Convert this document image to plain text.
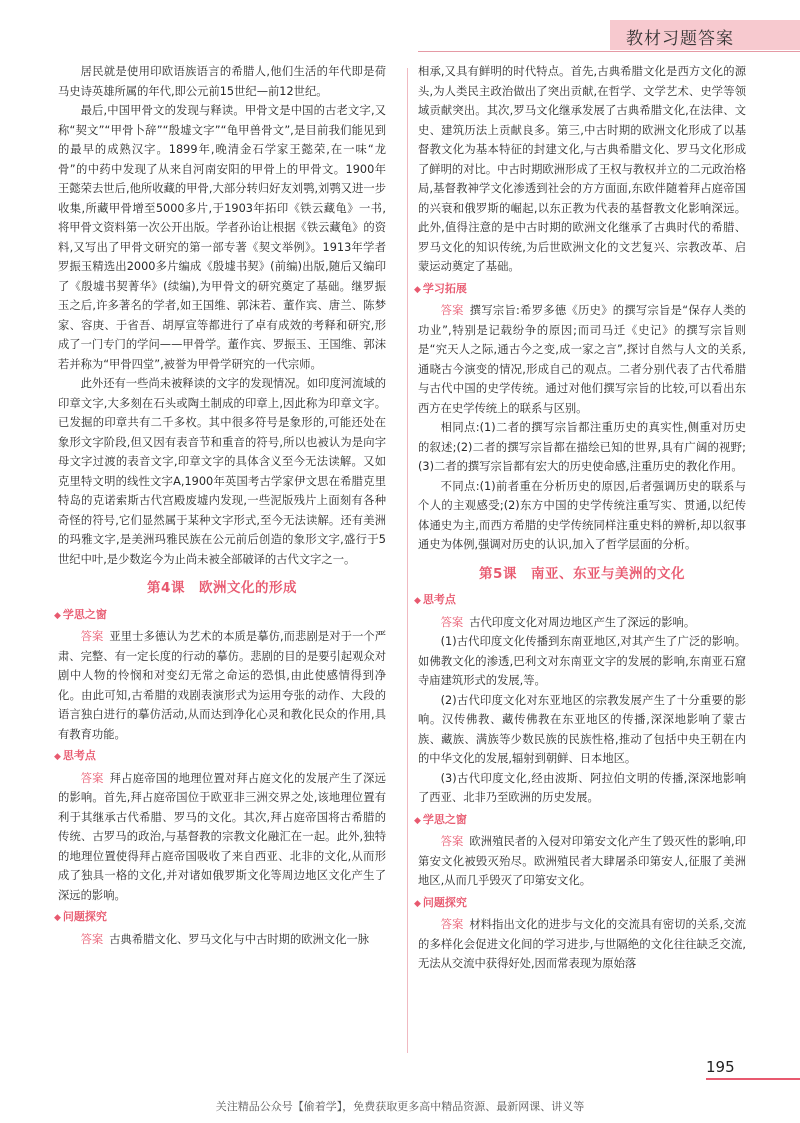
教材习题答案

居民就是使用印欧语族语言的希腊人,他们生活的年代即是荷马史诗英雄所属的年代,即公元前15世纪—前12世纪。

最后,中国甲骨文的发现与释读。甲骨文是中国的古老文字,又称“契文”“甲骨卜辞”“殷墟文字”“龟甲兽骨文”,是目前我们能见到的最早的成熟汉字。1899年,晚清金石学家王懿荣,在一味“龙骨”的中药中发现了从来自河南安阳的甲骨上的甲骨文。1900年王懿荣去世后,他所收藏的甲骨,大部分转归好友刘鹗,刘鹗又进一步收集,所藏甲骨增至5000多片,于1903年拓印《铁云藏龟》一书,将甲骨文资料第一次公开出版。学者孙诒让根据《铁云藏龟》的资料,又写出了甲骨文研究的第一部专著《契文举例》。1913年学者罗振玉精选出2000多片编成《殷墟书契》(前编)出版,随后又编印了《殷墟书契菁华》(续编),为甲骨文的研究奠定了基础。继罗振玉之后,许多著名的学者,如王国维、郭沫若、董作宾、唐兰、陈梦家、容庚、于省吾、胡厚宣等都进行了卓有成效的考释和研究,形成了一门专门的学问——甲骨学。董作宾、罗振玉、王国维、郭沫若并称为“甲骨四堂”,被誉为甲骨学研究的一代宗师。

此外还有一些尚未被释读的文字的发现情况。如印度河流域的印章文字,大多刻在石头或陶土制成的印章上,因此称为印章文字。已发掘的印章共有二千多枚。其中很多符号是象形的,可能还处在象形文字阶段,但又因有表音节和重音的符号,所以也被认为是向字母文字过渡的表音文字,印章文字的具体含义至今无法读解。又如克里特文明的线性文字A,1900年英国考古学家伊文思在希腊克里特岛的克诺索斯古代宫殿废墟内发现,一些泥版残片上面刻有各种奇怪的符号,它们显然属于某种文字形式,至今无法读解。还有美洲的玛雅文字,是美洲玛雅民族在公元前后创造的象形文字,盛行于5世纪中叶,是少数迄今为止尚未被全部破译的古代文字之一。

第4课　欧洲文化的形成
◆ 学思之窗

答案 亚里士多德认为艺术的本质是摹仿,而悲剧是对于一个严肃、完整、有一定长度的行动的摹仿。悲剧的目的是要引起观众对剧中人物的怜悯和对变幻无常之命运的恐惧,由此使感情得到净化。由此可知,古希腊的戏剧表演形式为运用夸张的动作、大段的语言独白进行的摹仿活动,从而达到净化心灵和教化民众的作用,具有教育功能。

◆ 思考点

答案 拜占庭帝国的地理位置对拜占庭文化的发展产生了深远的影响。首先,拜占庭帝国位于欧亚非三洲交界之处,该地理位置有利于其继承古代希腊、罗马的文化。其次,拜占庭帝国将古希腊的传统、古罗马的政治,与基督教的宗教文化融汇在一起。此外,独特的地理位置使得拜占庭帝国吸收了来自西亚、北非的文化,从而形成了独具一格的文化,并对诸如俄罗斯文化等周边地区文化产生了深远的影响。

◆ 问题探究

答案 古典希腊文化、罗马文化与中古时期的欧洲文化一脉

相承,又具有鲜明的时代特点。首先,古典希腊文化是西方文化的源头,为人类民主政治做出了突出贡献,在哲学、文学艺术、史学等领域贡献突出。其次,罗马文化继承发展了古典希腊文化,在法律、文史、建筑历法上贡献良多。第三,中古时期的欧洲文化形成了以基督教文化为基本特征的封建文化,与古典希腊文化、罗马文化形成了鲜明的对比。中古时期欧洲形成了王权与教权并立的二元政治格局,基督教神学文化渗透到社会的方方面面,东欧伴随着拜占庭帝国的兴衰和俄罗斯的崛起,以东正教为代表的基督教文化影响深远。此外,值得注意的是中古时期的欧洲文化继承了古典时代的希腊、罗马文化的知识传统,为后世欧洲文化的文艺复兴、宗教改革、启蒙运动奠定了基础。

◆ 学习拓展

答案 撰写宗旨:希罗多德《历史》的撰写宗旨是“保存人类的功业”,特别是记载纷争的原因;而司马迁《史记》的撰写宗旨则是“究天人之际,通古今之变,成一家之言”,探讨自然与人文的关系,通晓古今演变的情况,形成自己的观点。二者分别代表了古代希腊与古代中国的史学传统。通过对他们撰写宗旨的比较,可以看出东西方在史学传统上的联系与区别。

相同点:(1)二者的撰写宗旨都注重历史的真实性,侧重对历史的叙述;(2)二者的撰写宗旨都在描绘已知的世界,具有广阔的视野;(3)二者的撰写宗旨都有宏大的历史使命感,注重历史的教化作用。

不同点:(1)前者重在分析历史的原因,后者强调历史的联系与个人的主观感受;(2)东方中国的史学传统注重写实、贯通,以纪传体通史为主,而西方希腊的史学传统同样注重史料的辨析,却以叙事通史为体例,强调对历史的认识,加入了哲学层面的分析。

第5课　南亚、东亚与美洲的文化
◆ 思考点

答案 古代印度文化对周边地区产生了深远的影响。

(1)古代印度文化传播到东南亚地区,对其产生了广泛的影响。如佛教文化的渗透,巴利文对东南亚文字的发展的影响,东南亚石窟寺庙建筑形式的发展,等。

(2)古代印度文化对东亚地区的宗教发展产生了十分重要的影响。汉传佛教、藏传佛教在东亚地区的传播,深深地影响了蒙古族、藏族、满族等少数民族的民族性格,推动了包括中央王朝在内的中华文化的发展,辐射到朝鲜、日本地区。

(3)古代印度文化,经由波斯、阿拉伯文明的传播,深深地影响了西亚、北非乃至欧洲的历史发展。

◆ 学思之窗

答案 欧洲殖民者的入侵对印第安文化产生了毁灭性的影响,印第安文化被毁灭殆尽。欧洲殖民者大肆屠杀印第安人,征服了美洲地区,从而几乎毁灭了印第安文化。

◆ 问题探究

答案 材料指出文化的进步与文化的交流具有密切的关系,交流的多样化会促进文化间的学习进步,与世隔绝的文化往往缺乏交流,无法从交流中获得好处,因而常表现为原始落

195
关注精品公众号【偷着学】，免费获取更多高中精品资源、最新网课、讲义等
